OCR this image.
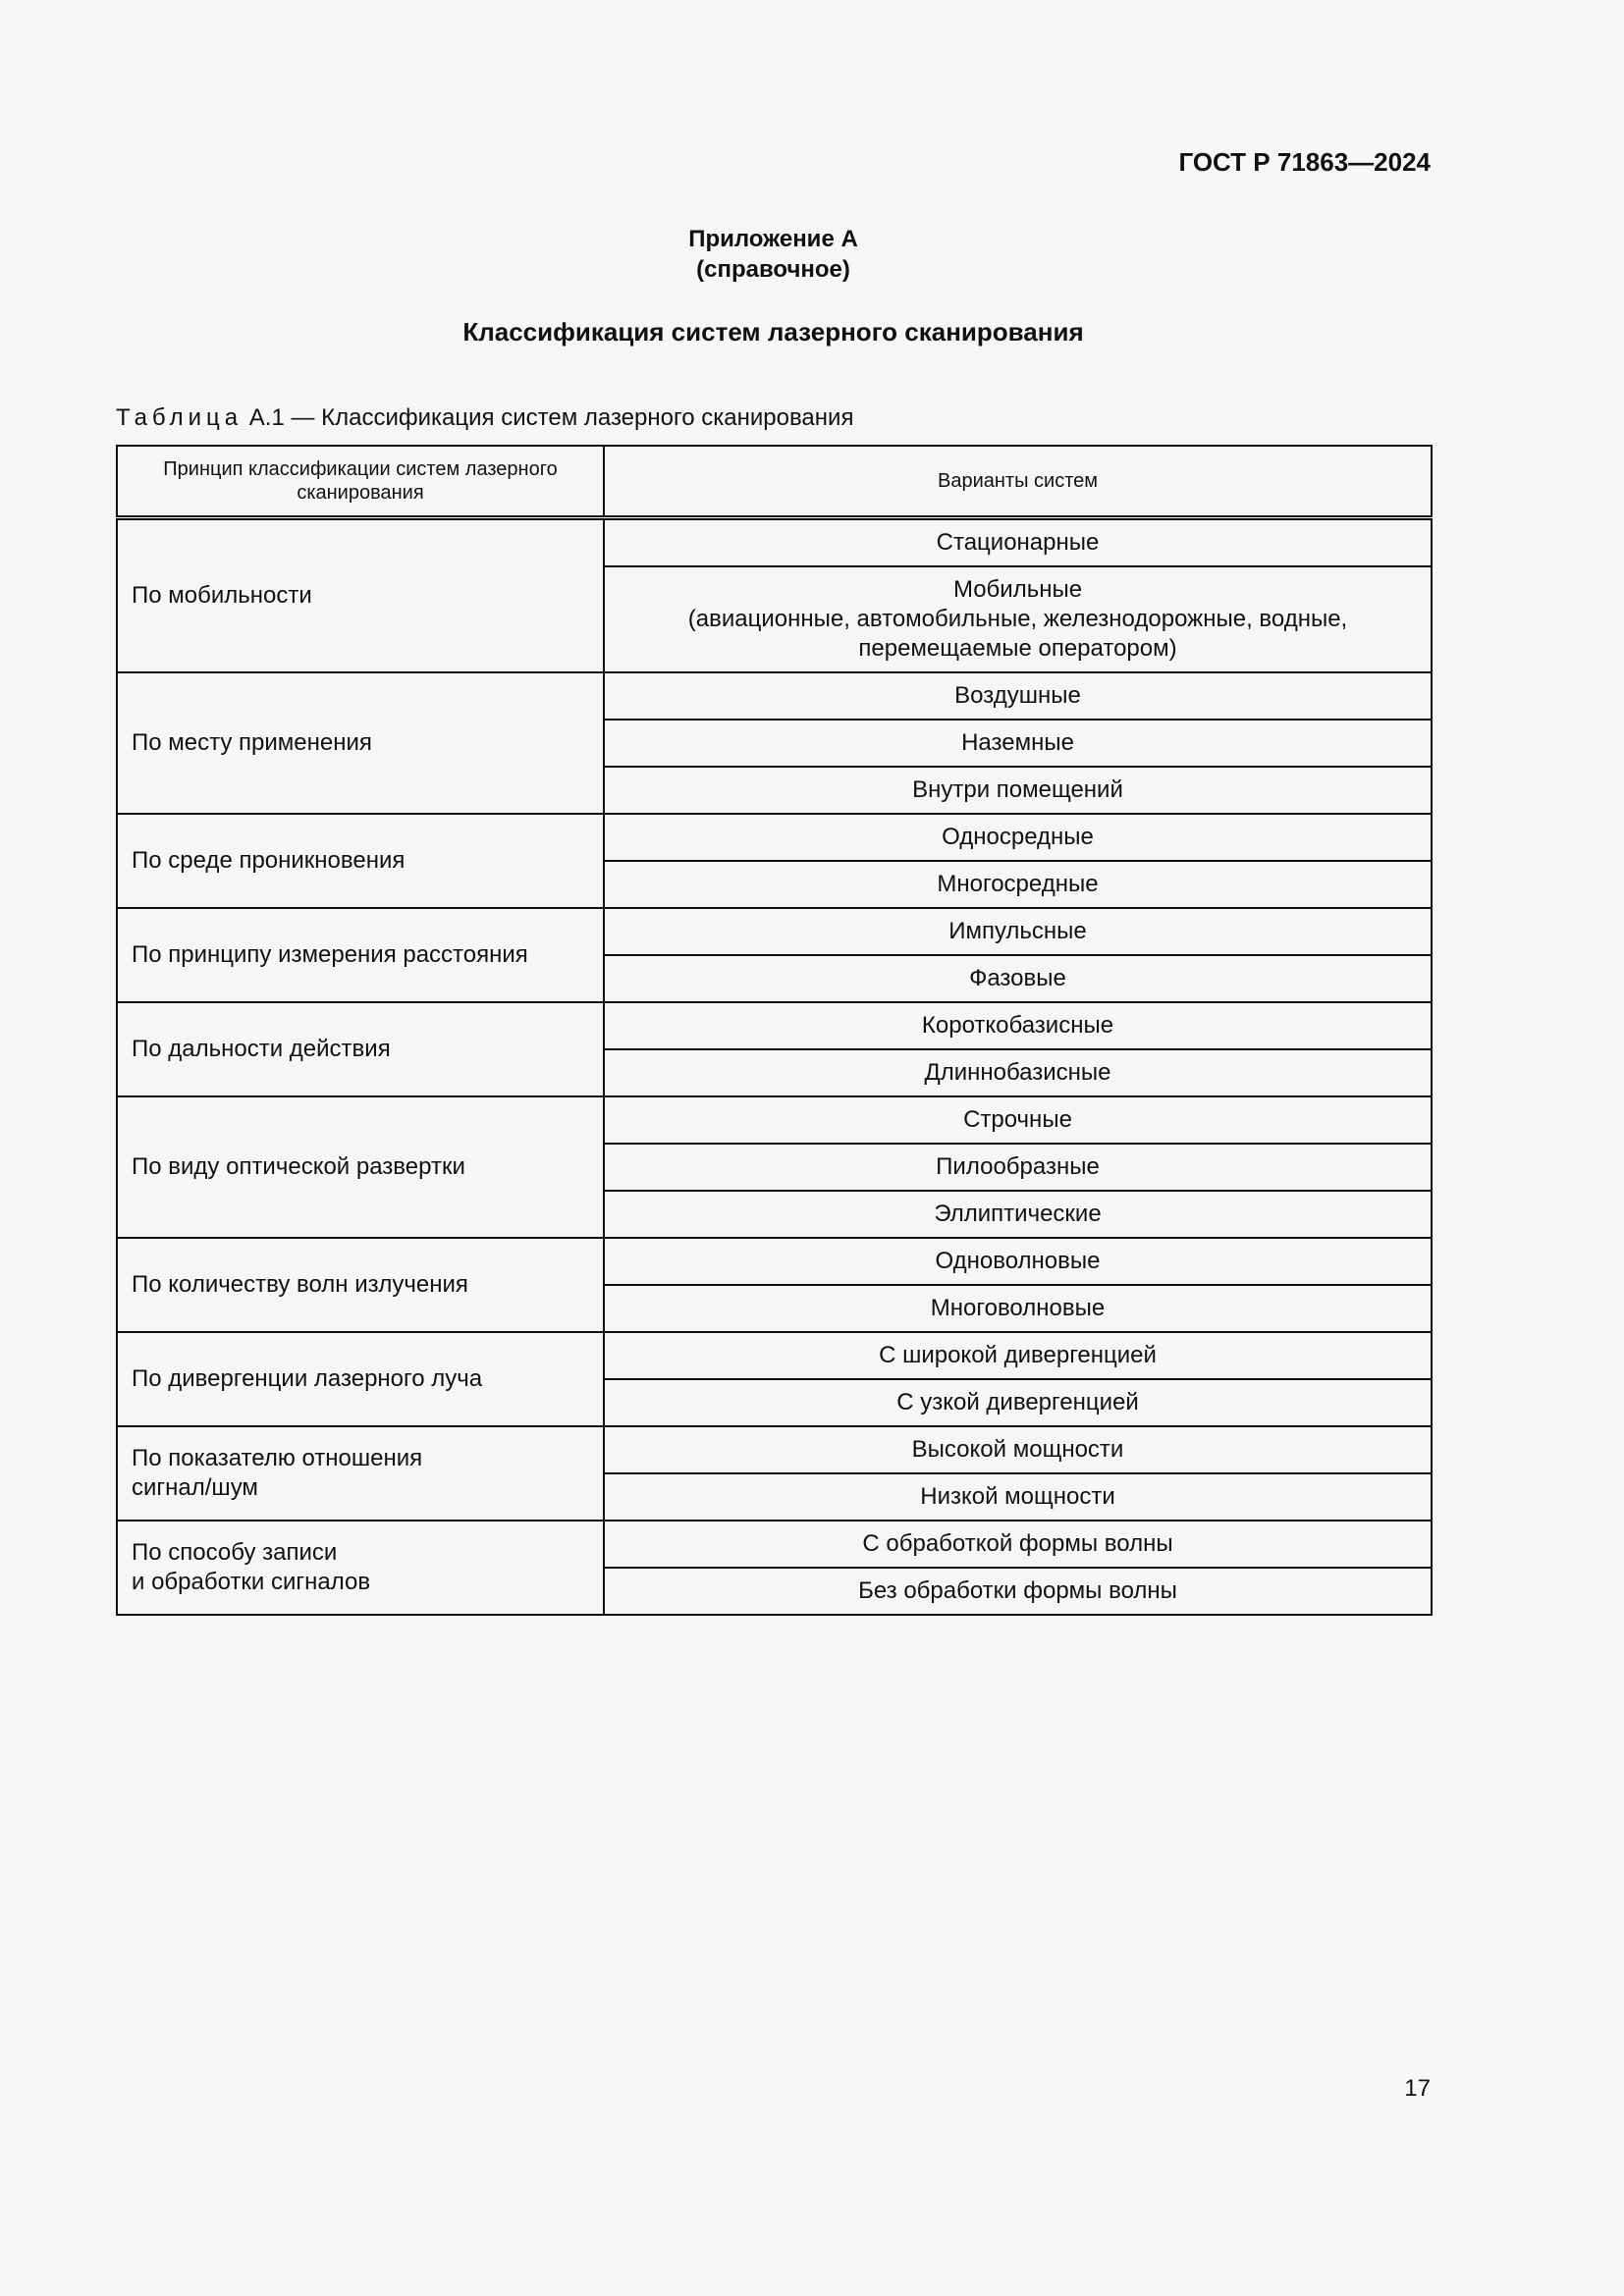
ГОСТ Р 71863—2024
Приложение А
(справочное)
Классификация систем лазерного сканирования
Таблица А.1 — Классификация систем лазерного сканирования
Принцип классификации систем лазерного сканирования	Варианты систем
По мобильности	Стационарные
	Мобильные
(авиационные, автомобильные, железнодорожные, водные,
перемещаемые оператором)
По месту применения	Воздушные
	Наземные
	Внутри помещений
По среде проникновения	Односредные
	Многосредные
По принципу измерения расстояния	Импульсные
	Фазовые
По дальности действия	Короткобазисные
	Длиннобазисные
По виду оптической развертки	Строчные
	Пилообразные
	Эллиптические
По количеству волн излучения	Одноволновые
	Многоволновые
По дивергенции лазерного луча	С широкой дивергенцией
	С узкой дивергенцией
По показателю отношения
сигнал/шум	Высокой мощности
	Низкой мощности
По способу записи
и обработки сигналов	С обработкой формы волны
	Без обработки формы волны
17
